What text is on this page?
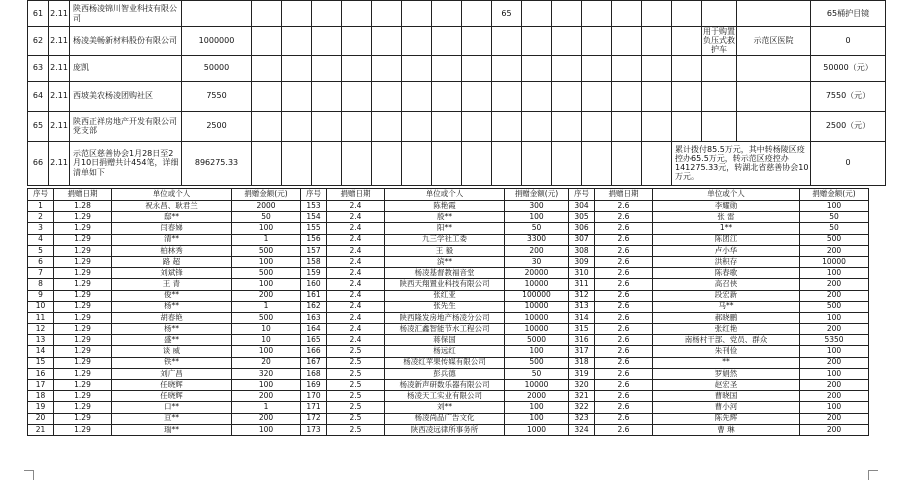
61	2.11	陕西杨凌锦川智业科技有限公司										65									65桶护目镜
62	2.11	杨凌美畅新材料股份有限公司	1000000																用于购置负压式救护车	示范区医院	0
63	2.11	庞凯	50000																		50000（元）
64	2.11	西坡美农杨凌团购社区	7550																		7550（元）
65	2.11	陕西正祥房地产开发有限公司党支部	2500																		2500（元）
66	2.11	示范区慈善协会1月28日至2月10日捐赠共计454笔，详细清单如下	896275.33															累计拨付85.5万元，其中转杨陵区疫控办65.5万元，转示范区疫控办141275.33元，转湖北省慈善协会10万元。			0
序号	捐赠日期	单位或个人	捐赠金额(元)	序号	捐赠日期	单位或个人	捐赠金额(元)	序号	捐赠日期	单位或个人	捐赠金额(元)
1	1.28	祝永昌、耿君兰	2000	153	2.4	陈艳霞	300	304	2.6	李耀勋	100
2	1.29	邸**	50	154	2.4	殷**	100	305	2.6	张 雷	50
3	1.29	闫春娣	100	155	2.4	阳**	50	306	2.6	1**	50
4	1.29	清**	1	156	2.4	九三学社工委	3300	307	2.6	陈团江	500
5	1.29	柏林秀	500	157	2.4	王 毅	200	308	2.6	卢小华	200
6	1.29	路 超	100	158	2.4	滨**	30	309	2.6	洪积存	10000
7	1.29	刘斌锋	500	159	2.4	杨凌基督教福音堂	20000	310	2.6	陈春歌	100
8	1.29	王 青	100	160	2.4	陕西天翔置业科技有限公司	10000	311	2.6	高召侠	200
9	1.29	俊**	200	161	2.4	张红亚	100000	312	2.6	段宏新	200
10	1.29	杨**	1	162	2.4	张先生	10000	313	2.6	马**	500
11	1.29	胡春艳	500	163	2.4	陕西隆发房地产杨凌分公司	10000	314	2.6	郝晓鹏	100
12	1.29	杨**	10	164	2.4	杨凌汇鑫智能节水工程公司	10000	315	2.6	张红艳	200
13	1.29	盛**	10	165	2.4	蒋保国	5000	316	2.6	南杨村干部、党员、群众	5350
14	1.29	谈 威	100	166	2.5	杨远红	100	317	2.6	朱刊俭	100
15	1.29	铁**	20	167	2.5	杨凌红苹果传媒有限公司	500	318	2.6	**	200
16	1.29	刘广昌	320	168	2.5	彭兵德	50	319	2.6	罗娟然	100
17	1.29	任晓辉	100	169	2.5	杨凌新声研数乐器有限公司	10000	320	2.6	赵宏圣	200
18	1.29	任晓辉	200	170	2.5	杨凌天工实业有限公司	2000	321	2.6	曹晓国	200
19	1.29	口**	1	171	2.5	刘**	100	322	2.6	曹小河	100
20	1.29	亘**	200	172	2.5	杨凌尚品广告文化	100	323	2.6	陈先辉	200
21	1.29	瑞**	100	173	2.5	陕西凌远律所事务所	1000	324	2.6	曹 琳	200
